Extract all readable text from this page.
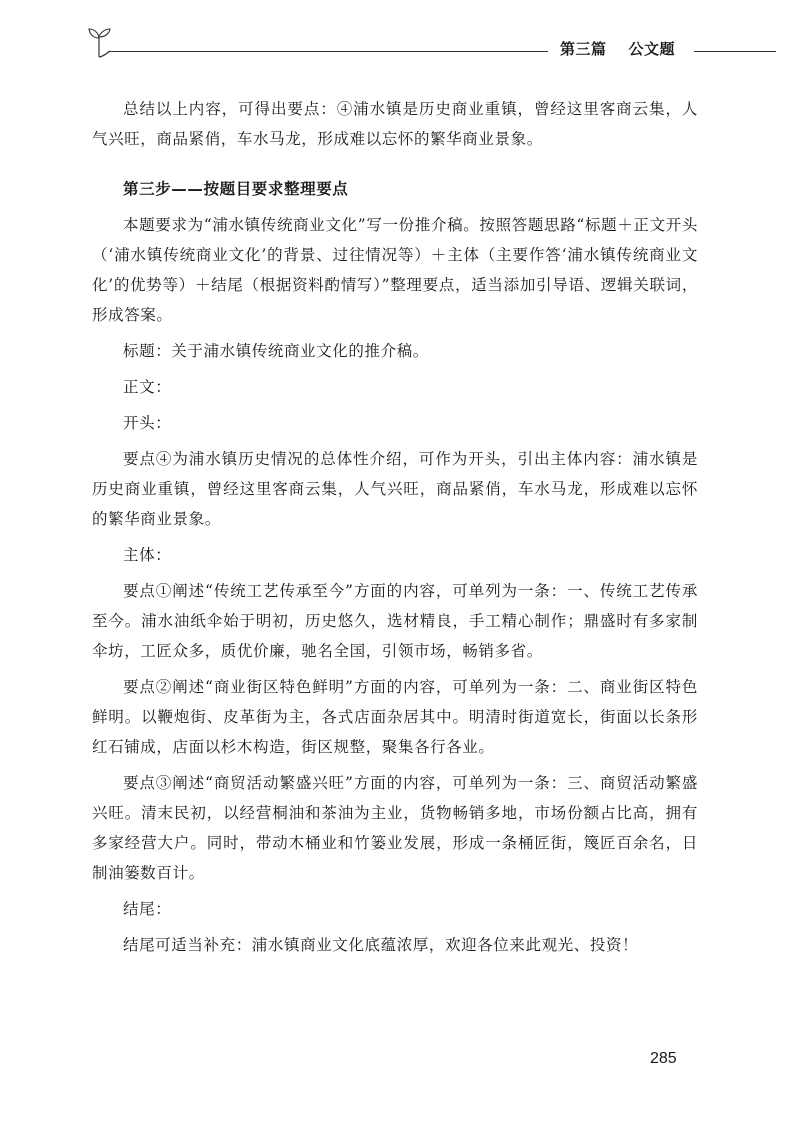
第三篇 公文题

总结以上内容，可得出要点：④浦水镇是历史商业重镇，曾经这里客商云集，人气兴旺，商品紧俏，车水马龙，形成难以忘怀的繁华商业景象。

第三步——按题目要求整理要点

本题要求为“浦水镇传统商业文化”写一份推介稿。按照答题思路“标题＋正文开头（‘浦水镇传统商业文化’的背景、过往情况等）＋主体（主要作答‘浦水镇传统商业文化’的优势等）＋结尾（根据资料酌情写）”整理要点，适当添加引导语、逻辑关联词，形成答案。

标题：关于浦水镇传统商业文化的推介稿。

正文：

开头：

要点④为浦水镇历史情况的总体性介绍，可作为开头，引出主体内容：浦水镇是历史商业重镇，曾经这里客商云集，人气兴旺，商品紧俏，车水马龙，形成难以忘怀的繁华商业景象。

主体：

要点①阐述“传统工艺传承至今”方面的内容，可单列为一条：一、传统工艺传承至今。浦水油纸伞始于明初，历史悠久，选材精良，手工精心制作；鼎盛时有多家制伞坊，工匠众多，质优价廉，驰名全国，引领市场，畅销多省。

要点②阐述“商业街区特色鲜明”方面的内容，可单列为一条：二、商业街区特色鲜明。以鞭炮街、皮革街为主，各式店面杂居其中。明清时街道宽长，街面以长条形红石铺成，店面以杉木构造，街区规整，聚集各行各业。

要点③阐述“商贸活动繁盛兴旺”方面的内容，可单列为一条：三、商贸活动繁盛兴旺。清末民初，以经营桐油和茶油为主业，货物畅销多地，市场份额占比高，拥有多家经营大户。同时，带动木桶业和竹篓业发展，形成一条桶匠街，篾匠百余名，日制油篓数百计。

结尾：

结尾可适当补充：浦水镇商业文化底蕴浓厚，欢迎各位来此观光、投资！

285
